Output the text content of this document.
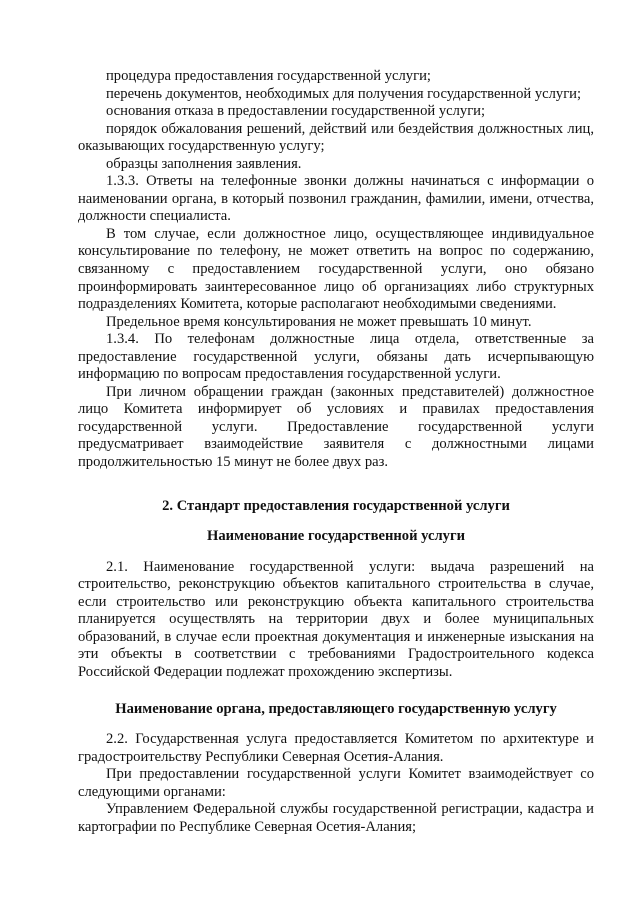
процедура предоставления государственной услуги;

перечень документов, необходимых для получения государственной услуги;

основания отказа в предоставлении государственной услуги;

порядок обжалования решений, действий или бездействия должностных лиц, оказывающих государственную услугу;

образцы заполнения заявления.

1.3.3. Ответы на телефонные звонки должны начинаться с информации о наименовании органа, в который позвонил гражданин, фамилии, имени, отчества, должности специалиста.

В том случае, если должностное лицо, осуществляющее индивидуальное консультирование по телефону, не может ответить на вопрос по содержанию, связанному с предоставлением государственной услуги, оно обязано проинформировать заинтересованное лицо об организациях либо структурных подразделениях Комитета, которые располагают необходимыми сведениями.

Предельное время консультирования не может превышать 10 минут.

1.3.4. По телефонам должностные лица отдела, ответственные за предоставление государственной услуги, обязаны дать исчерпывающую информацию по вопросам предоставления государственной услуги.

При личном обращении граждан (законных представителей) должностное лицо Комитета информирует об условиях и правилах предоставления государственной услуги. Предоставление государственной услуги предусматривает взаимодействие заявителя с должностными лицами продолжительностью 15 минут не более двух раз.

2. Стандарт предоставления государственной услуги

Наименование государственной услуги

2.1. Наименование государственной услуги: выдача разрешений на строительство, реконструкцию объектов капитального строительства в случае, если строительство или реконструкцию объекта капитального строительства планируется осуществлять на территории двух и более муниципальных образований, в случае если проектная документация и инженерные изыскания на эти объекты в соответствии с требованиями Градостроительного кодекса Российской Федерации подлежат прохождению экспертизы.

Наименование органа, предоставляющего государственную услугу

2.2. Государственная услуга предоставляется Комитетом по архитектуре и градостроительству Республики Северная Осетия-Алания.

При предоставлении государственной услуги Комитет взаимодействует со следующими органами:

Управлением Федеральной службы государственной регистрации, кадастра и картографии по Республике Северная Осетия-Алания;
